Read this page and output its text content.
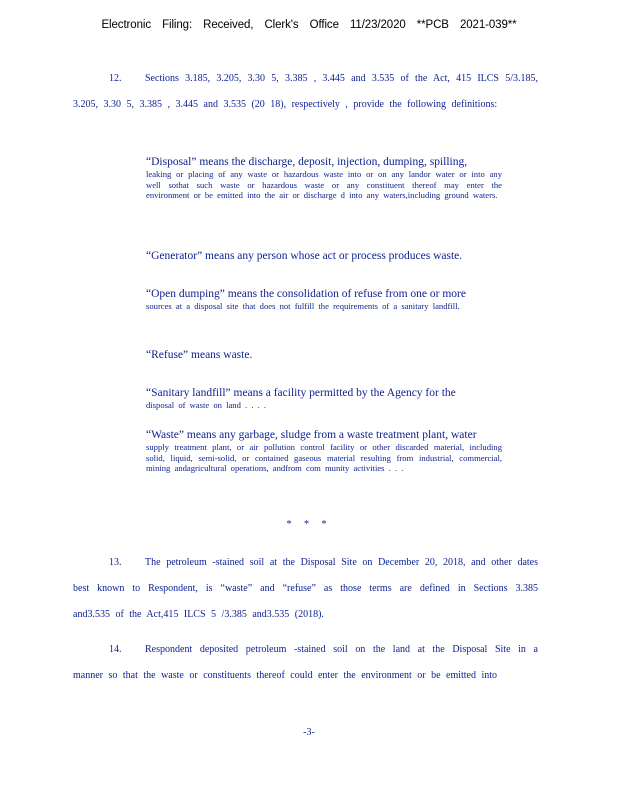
Electronic Filing: Received, Clerk's Office 11/23/2020 **PCB 2021-039**
12. Sections 3.185, 3.205, 3.30 5, 3.385 , 3.445 and 3.535 of the Act, 415 ILCS 5/3.185, 3.205, 3.30 5, 3.385 , 3.445 and 3.535 (20 18), respectively , provide the following definitions:
“Disposal” means the discharge, deposit, injection, dumping, spilling,
leaking or placing of any waste or hazardous waste into or on any landor water or into any well sothat such waste or hazardous waste or any constituent thereof may enter the environment or be emitted into the air or discharge d into any waters,including ground waters.
“Generator” means any person whose act or process produces waste.
“Open dumping” means the consolidation of refuse from one or more
sources at a disposal site that does not fulfill the requirements of a sanitary landfill.
“Refuse” means waste.
“Sanitary landfill” means a facility permitted by the Agency for the
disposal of waste on land . . . .
“Waste” means any garbage, sludge from a waste treatment plant, water
supply treatment plant, or air pollution control facility or other discarded material, including solid, liquid, semi-solid, or contained gaseous material resulting from industrial, commercial, mining andagricultural operations, andfrom com munity activities . . .
* * *
13. The petroleum -stained soil at the Disposal Site on December 20, 2018, and other dates best known to Respondent, is “waste” and “refuse” as those terms are defined in Sections 3.385 and3.535 of the Act,415 ILCS 5 /3.385 and3.535 (2018).
14. Respondent deposited petroleum -stained soil on the land at the Disposal Site in a manner so that the waste or constituents thereof could enter the environment or be emitted into
-3-
